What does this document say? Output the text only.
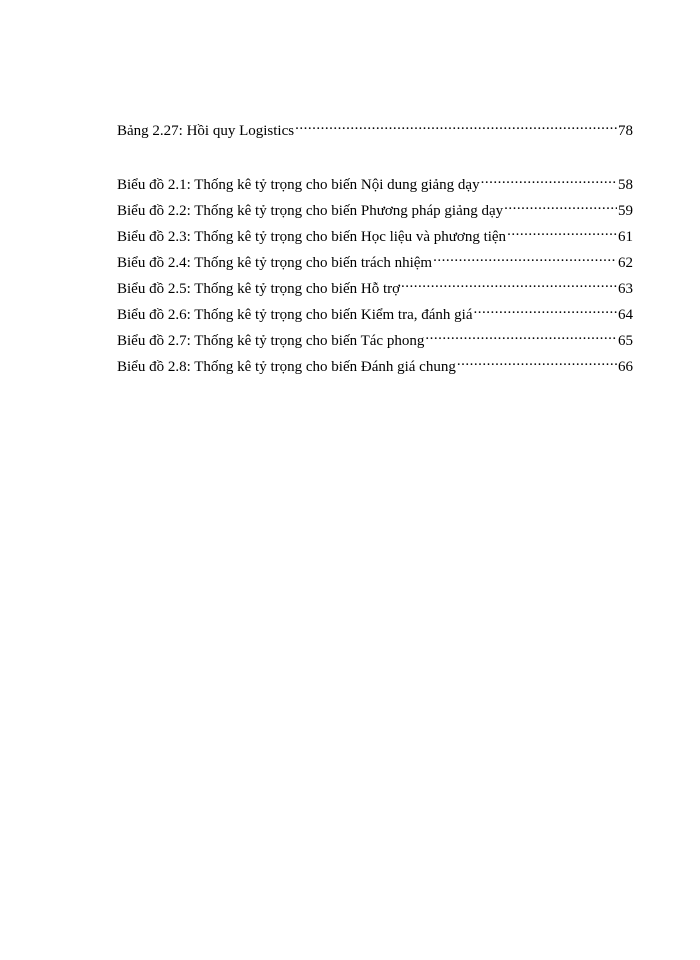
Bảng 2.27: Hồi quy Logistics .....	78
Biểu đồ 2.1: Thống kê tỷ trọng cho biến Nội dung giảng dạy .....	58
Biểu đồ 2.2: Thống kê tỷ trọng cho biến Phương pháp giảng dạy .....	59
Biểu đồ 2.3: Thống kê tỷ trọng cho biến Học liệu và phương tiện .....	61
Biểu đồ 2.4: Thống kê tỷ trọng cho biến trách nhiệm .....	62
Biểu đồ 2.5: Thống kê tỷ trọng cho biến Hỗ trợ .....	63
Biểu đồ 2.6: Thống kê tỷ trọng cho biến Kiểm tra, đánh giá .....	64
Biểu đồ 2.7: Thống kê tỷ trọng cho biến Tác phong .....	65
Biểu đồ 2.8: Thống kê tỷ trọng cho biến Đánh giá chung .....	66
